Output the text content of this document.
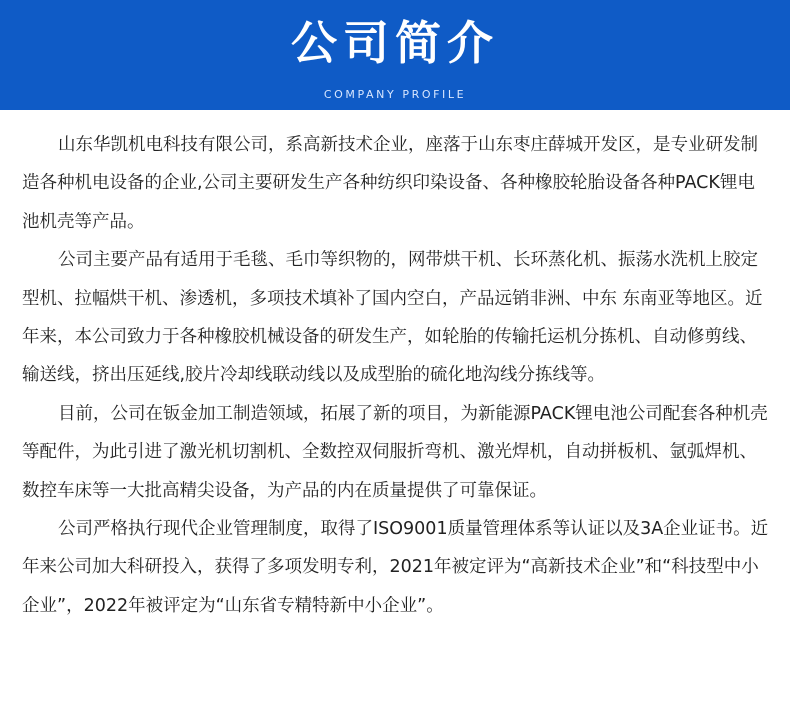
公司简介
COMPANY PROFILE

山东华凯机电科技有限公司，系高新技术企业，座落于山东枣庄薛城开发区，是专业研发制造各种机电设备的企业,公司主要研发生产各种纺织印染设备、各种橡胶轮胎设备各种PACK锂电池机壳等产品。

公司主要产品有适用于毛毯、毛巾等织物的，网带烘干机、长环蒸化机、振荡水洗机上胶定型机、拉幅烘干机、渗透机，多项技术填补了国内空白，产品远销非洲、中东 东南亚等地区。近年来，本公司致力于各种橡胶机械设备的研发生产，如轮胎的传输托运机分拣机、自动修剪线、输送线，挤出压延线,胶片冷却线联动线以及成型胎的硫化地沟线分拣线等。

目前，公司在钣金加工制造领域，拓展了新的项目，为新能源PACK锂电池公司配套各种机壳等配件，为此引进了激光机切割机、全数控双伺服折弯机、激光焊机，自动拼板机、氩弧焊机、数控车床等一大批高精尖设备，为产品的内在质量提供了可靠保证。

公司严格执行现代企业管理制度，取得了ISO9001质量管理体系等认证以及3A企业证书。近年来公司加大科研投入，获得了多项发明专利，2021年被定评为“高新技术企业”和“科技型中小企业”，2022年被评定为“山东省专精特新中小企业”。
